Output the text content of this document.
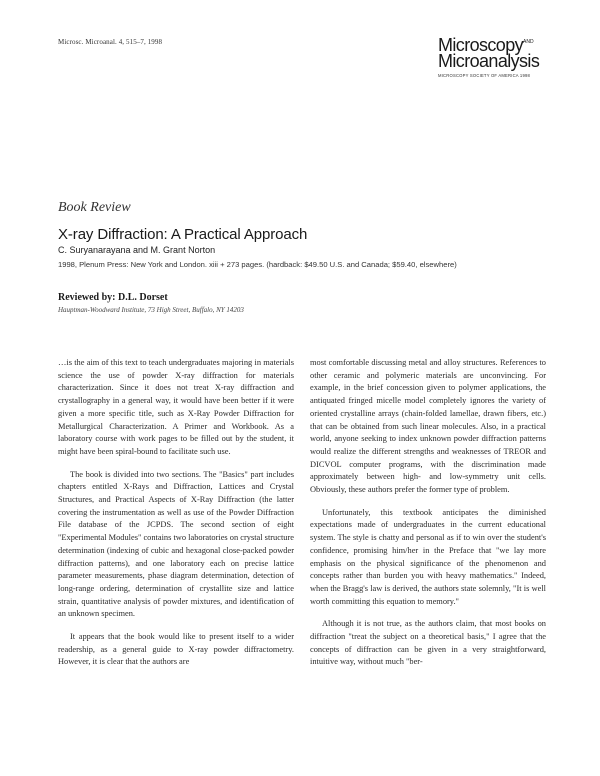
Microsc. Microanal. 4, 515–7, 1998	Microscopy$^{AND}$
Microanalysis
MICROSCOPY SOCIETY OF AMERICA 1998
Book Review
X-ray Diffraction: A Practical Approach
C. Suryanarayana and M. Grant Norton
1998, Plenum Press: New York and London. xiii + 273 pages. (hardback: $49.50 U.S. and Canada; $59.40, elsewhere)
Reviewed by: D.L. Dorset
Hauptman-Woodward Institute, 73 High Street, Buffalo, NY 14203

…is the aim of this text to teach undergraduates majoring in materials science the use of powder X-ray diffraction for materials characterization. Since it does not treat X-ray diffraction and crystallography in a general way, it would have been better if it were given a more specific title, such as X-Ray Powder Diffraction for Metallurgical Characterization. A Primer and Workbook. As a laboratory course with work pages to be filled out by the student, it might have been spiral-bound to facilitate such use.

The book is divided into two sections. The "Basics" part includes chapters entitled X-Rays and Diffraction, Lattices and Crystal Structures, and Practical Aspects of X-Ray Diffraction (the latter covering the instrumentation as well as use of the Powder Diffraction File database of the JCPDS. The second section of eight "Experimental Modules" contains two laboratories on crystal structure determination (indexing of cubic and hexagonal close-packed powder diffraction patterns), and one laboratory each on precise lattice parameter measurements, phase diagram determination, detection of long-range ordering, determination of crystallite size and lattice strain, quantitative analysis of powder mixtures, and identification of an unknown specimen.

It appears that the book would like to present itself to a wider readership, as a general guide to X-ray powder diffractometry. However, it is clear that the authors are

most comfortable discussing metal and alloy structures. References to other ceramic and polymeric materials are unconvincing. For example, in the brief concession given to polymer applications, the antiquated fringed micelle model completely ignores the variety of oriented crystalline arrays (chain-folded lamellae, drawn fibers, etc.) that can be obtained from such linear molecules. Also, in a practical world, anyone seeking to index unknown powder diffraction patterns would realize the different strengths and weaknesses of TREOR and DICVOL computer programs, with the discrimination made approximately between high- and low-symmetry unit cells. Obviously, these authors prefer the former type of problem.

Unfortunately, this textbook anticipates the diminished expectations made of undergraduates in the current educational system. The style is chatty and personal as if to win over the student's confidence, promising him/her in the Preface that "we lay more emphasis on the physical significance of the phenomenon and concepts rather than burden you with heavy mathematics." Indeed, when the Bragg's law is derived, the authors state solemnly, "It is well worth committing this equation to memory."

Although it is not true, as the authors claim, that most books on diffraction "treat the subject on a theoretical basis," I agree that the concepts of diffraction can be given in a very straightforward, intuitive way, without much "ber-
